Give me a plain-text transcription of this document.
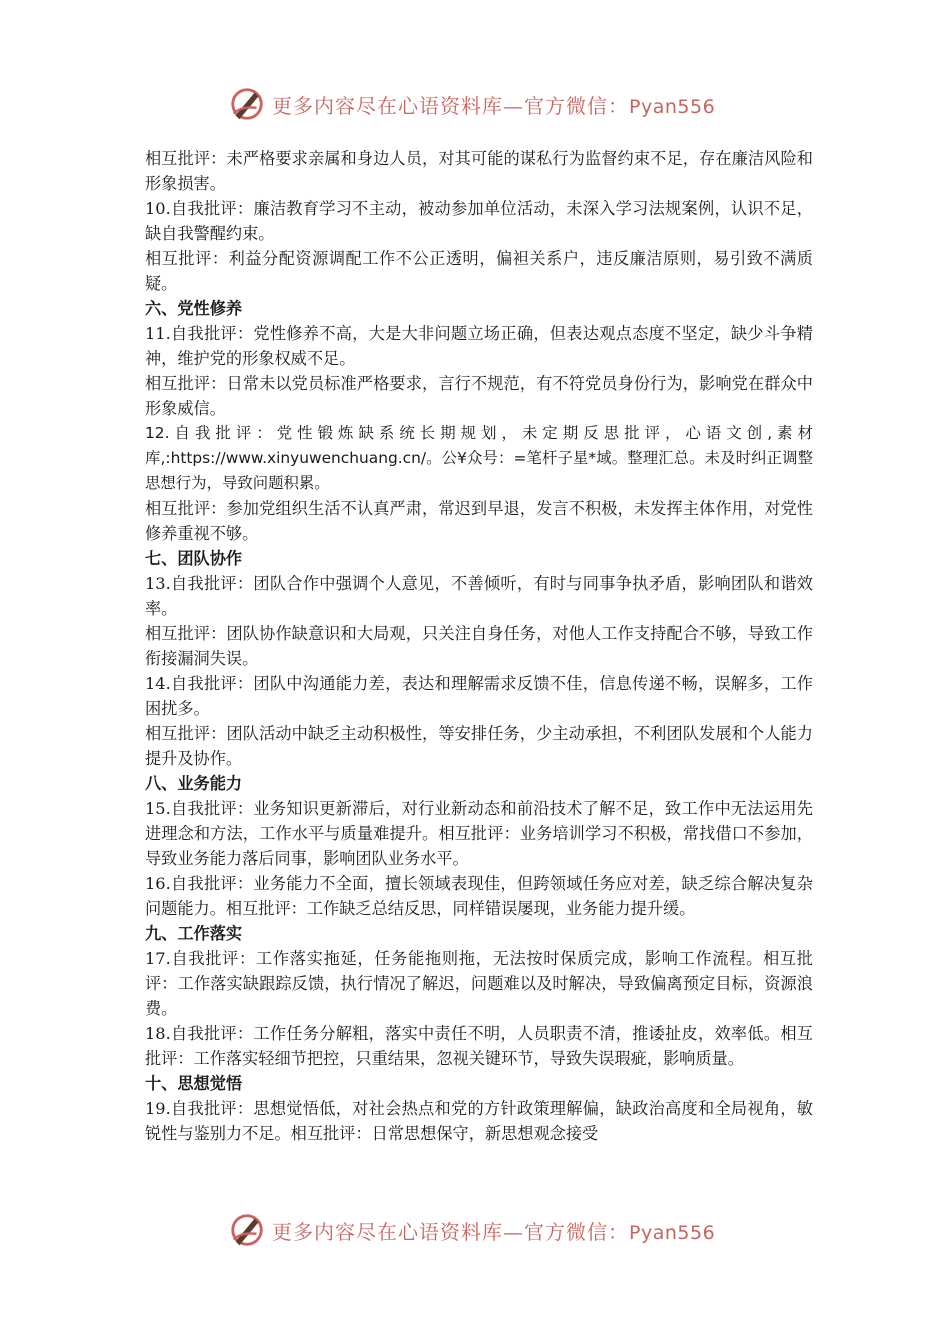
更多内容尽在心语资料库—官方微信：Pyan556

相互批评：未严格要求亲属和身边人员，对其可能的谋私行为监督约束不足，存在廉洁风险和形象损害。

10.自我批评：廉洁教育学习不主动，被动参加单位活动，未深入学习法规案例，认识不足，缺自我警醒约束。

相互批评：利益分配资源调配工作不公正透明，偏袒关系户，违反廉洁原则，易引致不满质疑。

六、党性修养

11.自我批评：党性修养不高，大是大非问题立场正确，但表达观点态度不坚定，缺少斗争精神，维护党的形象权威不足。

相互批评：日常未以党员标准严格要求，言行不规范，有不符党员身份行为，影响党在群众中形象威信。

12.自我批评：党性锻炼缺系统长期规划，未定期反思批评，心语文创,素材库,:https://www.xinyuwenchuang.cn/。公¥众号：=笔杆子星*域。整理汇总。未及时纠正调整思想行为，导致问题积累。

相互批评：参加党组织生活不认真严肃，常迟到早退，发言不积极，未发挥主体作用，对党性修养重视不够。

七、团队协作

13.自我批评：团队合作中强调个人意见，不善倾听，有时与同事争执矛盾，影响团队和谐效率。

相互批评：团队协作缺意识和大局观，只关注自身任务，对他人工作支持配合不够，导致工作衔接漏洞失误。

14.自我批评：团队中沟通能力差，表达和理解需求反馈不佳，信息传递不畅，误解多，工作困扰多。

相互批评：团队活动中缺乏主动积极性，等安排任务，少主动承担，不利团队发展和个人能力提升及协作。

八、业务能力

15.自我批评：业务知识更新滞后，对行业新动态和前沿技术了解不足，致工作中无法运用先进理念和方法，工作水平与质量难提升。相互批评：业务培训学习不积极，常找借口不参加，导致业务能力落后同事，影响团队业务水平。

16.自我批评：业务能力不全面，擅长领域表现佳，但跨领域任务应对差，缺乏综合解决复杂问题能力。相互批评：工作缺乏总结反思，同样错误屡现，业务能力提升缓。

九、工作落实

17.自我批评：工作落实拖延，任务能拖则拖，无法按时保质完成，影响工作流程。相互批评：工作落实缺跟踪反馈，执行情况了解迟，问题难以及时解决，导致偏离预定目标，资源浪费。

18.自我批评：工作任务分解粗，落实中责任不明，人员职责不清，推诿扯皮，效率低。相互批评：工作落实轻细节把控，只重结果，忽视关键环节，导致失误瑕疵，影响质量。

十、思想觉悟

19.自我批评：思想觉悟低，对社会热点和党的方针政策理解偏，缺政治高度和全局视角，敏锐性与鉴别力不足。相互批评：日常思想保守，新思想观念接受

更多内容尽在心语资料库—官方微信：Pyan556
